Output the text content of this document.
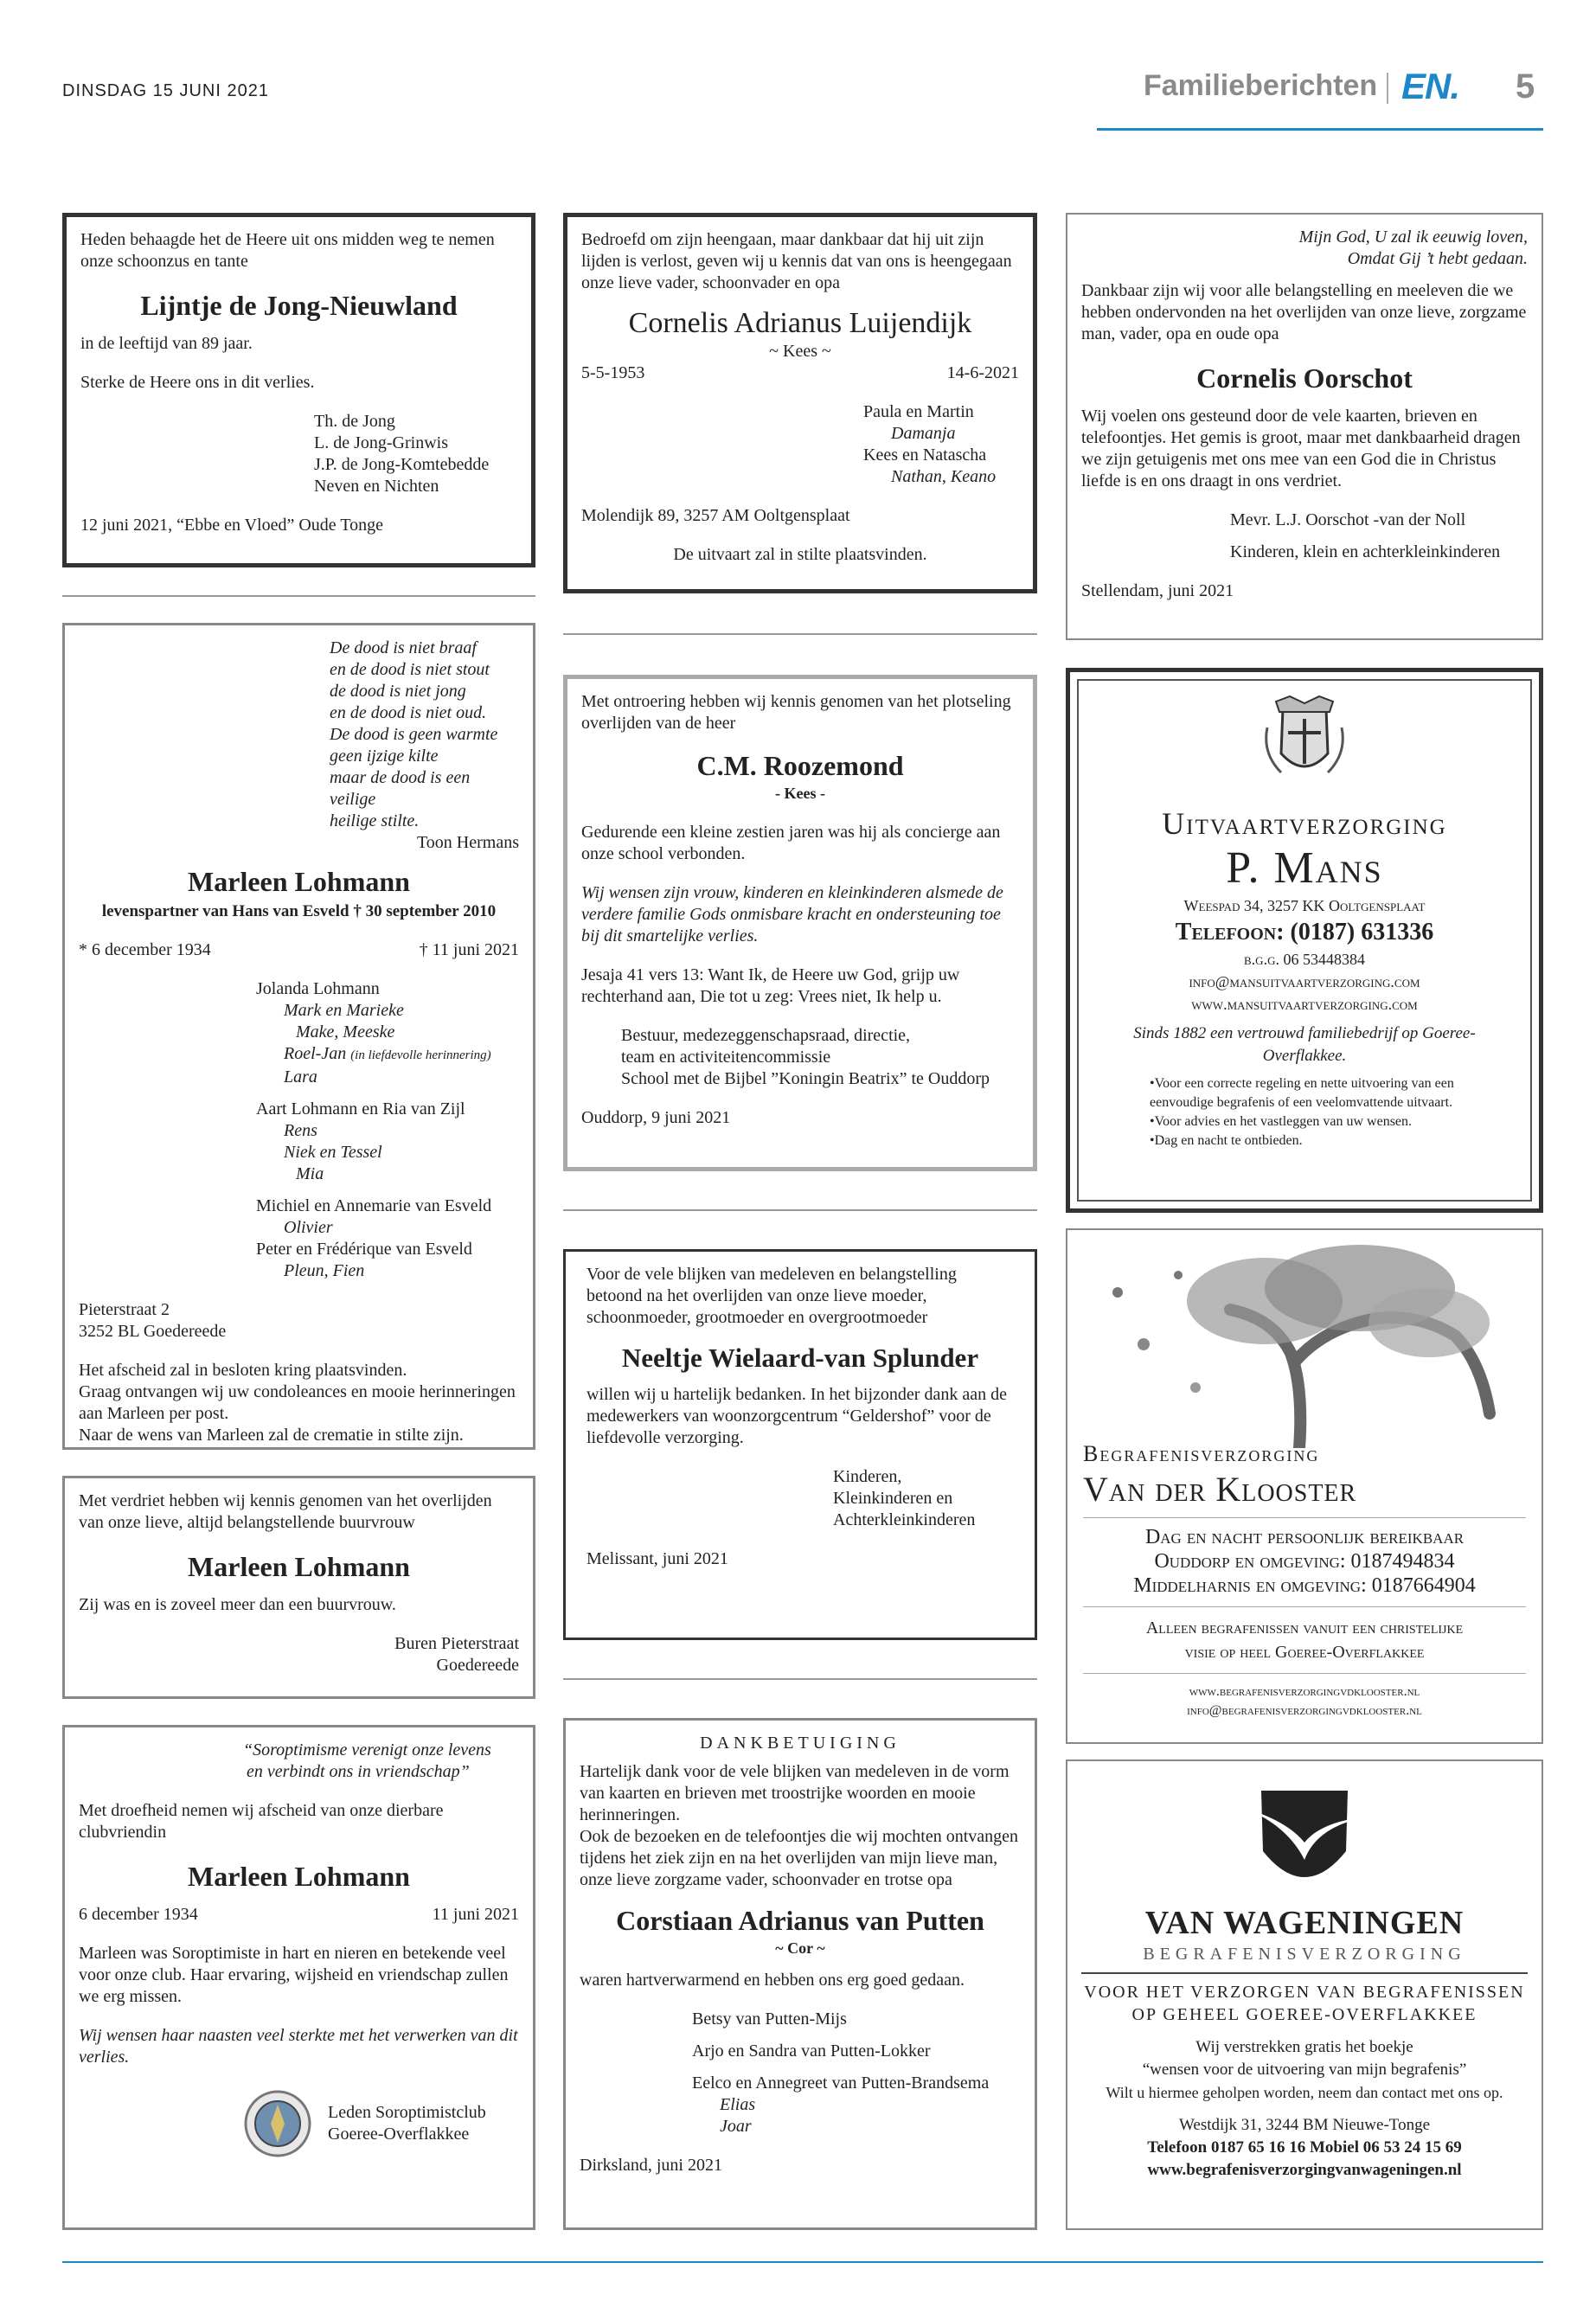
DINSDAG 15 JUNI 2021	Familieberichten EN. 5

Heden behaagde het de Heere uit ons midden weg te nemen onze schoonzus en tante

Lijntje de Jong-Nieuwland

in de leeftijd van 89 jaar.

Sterke de Heere ons in dit verlies.

Th. de Jong

L. de Jong-Grinwis

J.P. de Jong-Komtebedde

Neven en Nichten

12 juni 2021, “Ebbe en Vloed” Oude Tonge

De dood is niet braaf

en de dood is niet stout

de dood is niet jong

en de dood is niet oud.

De dood is geen warmte

geen ijzige kilte

maar de dood is een veilige

heilige stilte.

Toon Hermans

Marleen Lohmann

levenspartner van Hans van Esveld † 30 september 2010

* 6 december 1934	† 11 juni 2021

Jolanda Lohmann

Mark en Marieke

Make, Meeske

Roel-Jan (in liefdevolle herinnering)

Lara

Aart Lohmann en Ria van Zijl

Rens

Niek en Tessel

Mia

Michiel en Annemarie van Esveld

Olivier

Peter en Frédérique van Esveld

Pleun, Fien

Pieterstraat 2

3252 BL Goedereede

Het afscheid zal in besloten kring plaatsvinden.

Graag ontvangen wij uw condoleances en mooie herinneringen aan Marleen per post.

Naar de wens van Marleen zal de crematie in stilte zijn.

Met verdriet hebben wij kennis genomen van het overlijden van onze lieve, altijd belangstellende buurvrouw

Marleen Lohmann

Zij was en is zoveel meer dan een buurvrouw.

Buren Pieterstraat

Goedereede

“Soroptimisme verenigt onze levens

en verbindt ons in vriendschap”

Met droefheid nemen wij afscheid van onze dierbare clubvriendin

Marleen Lohmann
6 december 1934	11 juni 2021

Marleen was Soroptimiste in hart en nieren en betekende veel voor onze club. Haar ervaring, wijsheid en vriendschap zullen we erg missen.

Wij wensen haar naasten veel sterkte met het verwerken van dit verlies.

Leden Soroptimistclub

Goeree-Overflakkee

Bedroefd om zijn heengaan, maar dankbaar dat hij uit zijn lijden is verlost, geven wij u kennis dat van ons is heengegaan onze lieve vader, schoonvader en opa

Cornelis Adrianus Luijendijk

~ Kees ~

5-5-1953	14-6-2021

Paula en Martin

Damanja

Kees en Natascha

Nathan, Keano

Molendijk 89, 3257 AM Ooltgensplaat

De uitvaart zal in stilte plaatsvinden.

Met ontroering hebben wij kennis genomen van het plotseling overlijden van de heer

C.M. Roozemond

- Kees -

Gedurende een kleine zestien jaren was hij als concierge aan onze school verbonden.

Wij wensen zijn vrouw, kinderen en kleinkinderen alsmede de verdere familie Gods onmisbare kracht en ondersteuning toe bij dit smartelijke verlies.

Jesaja 41 vers 13: Want Ik, de Heere uw God, grijp uw rechterhand aan, Die tot u zeg: Vrees niet, Ik help u.

Bestuur, medezeggenschapsraad, directie,

team en activiteitencommissie

School met de Bijbel ”Koningin Beatrix” te Ouddorp

Ouddorp, 9 juni 2021

Voor de vele blijken van medeleven en belangstelling betoond na het overlijden van onze lieve moeder, schoonmoeder, grootmoeder en overgrootmoeder

Neeltje Wielaard-van Splunder

willen wij u hartelijk bedanken. In het bijzonder dank aan de medewerkers van woonzorgcentrum “Geldershof” voor de liefdevolle verzorging.

Kinderen,

Kleinkinderen en

Achterkleinkinderen

Melissant, juni 2021

DANKBETUIGING

Hartelijk dank voor de vele blijken van medeleven in de vorm van kaarten en brieven met troostrijke woorden en mooie herinneringen.

Ook de bezoeken en de telefoontjes die wij mochten ontvangen tijdens het ziek zijn en na het overlijden van mijn lieve man, onze lieve zorgzame vader, schoonvader en trotse opa

Corstiaan Adrianus van Putten

~ Cor ~

waren hartverwarmend en hebben ons erg goed gedaan.

Betsy van Putten-Mijs

Arjo en Sandra van Putten-Lokker

Eelco en Annegreet van Putten-Brandsema

Elias

Joar

Dirksland, juni 2021

Mijn God, U zal ik eeuwig loven,

Omdat Gij ’t hebt gedaan.

Dankbaar zijn wij voor alle belangstelling en meeleven die we hebben ondervonden na het overlijden van onze lieve, zorgzame man, vader, opa en oude opa

Cornelis Oorschot

Wij voelen ons gesteund door de vele kaarten, brieven en telefoontjes. Het gemis is groot, maar met dankbaarheid dragen we zijn getuigenis met ons mee van een God die in Christus liefde is en ons draagt in ons verdriet.

Mevr. L.J. Oorschot -van der Noll

Kinderen, klein en achterkleinkinderen

Stellendam, juni 2021

Uitvaartverzorging

P. Mans

Weespad 34, 3257 KK Ooltgensplaat

Telefoon: (0187) 631336

b.g.g. 06 53448384

info@mansuitvaartverzorging.com

www.mansuitvaartverzorging.com

Sinds 1882 een vertrouwd familiebedrijf op Goeree-Overflakkee.

• Voor een correcte regeling en nette uitvoering van een eenvoudige begrafenis of een veelomvattende uitvaart.
• Voor advies en het vastleggen van uw wensen.
• Dag en nacht te ontbieden.

Begrafenisverzorging

Van der Klooster

Dag en nacht persoonlijk bereikbaar

Ouddorp en omgeving: 0187494834

Middelharnis en omgeving: 0187664904

Alleen begrafenissen vanuit een christelijke

visie op heel Goeree-Overflakkee

www.begrafenisverzorgingvdklooster.nl

info@begrafenisverzorgingvdklooster.nl

VAN WAGENINGEN

BEGRAFENISVERZORGING

VOOR HET VERZORGEN VAN BEGRAFENISSEN

OP GEHEEL GOEREE-OVERFLAKKEE

Wij verstrekken gratis het boekje

“wensen voor de uitvoering van mijn begrafenis”

Wilt u hiermee geholpen worden, neem dan contact met ons op.

Westdijk 31, 3244 BM Nieuwe-Tonge

Telefoon 0187 65 16 16 Mobiel 06 53 24 15 69

www.begrafenisverzorgingvanwageningen.nl
